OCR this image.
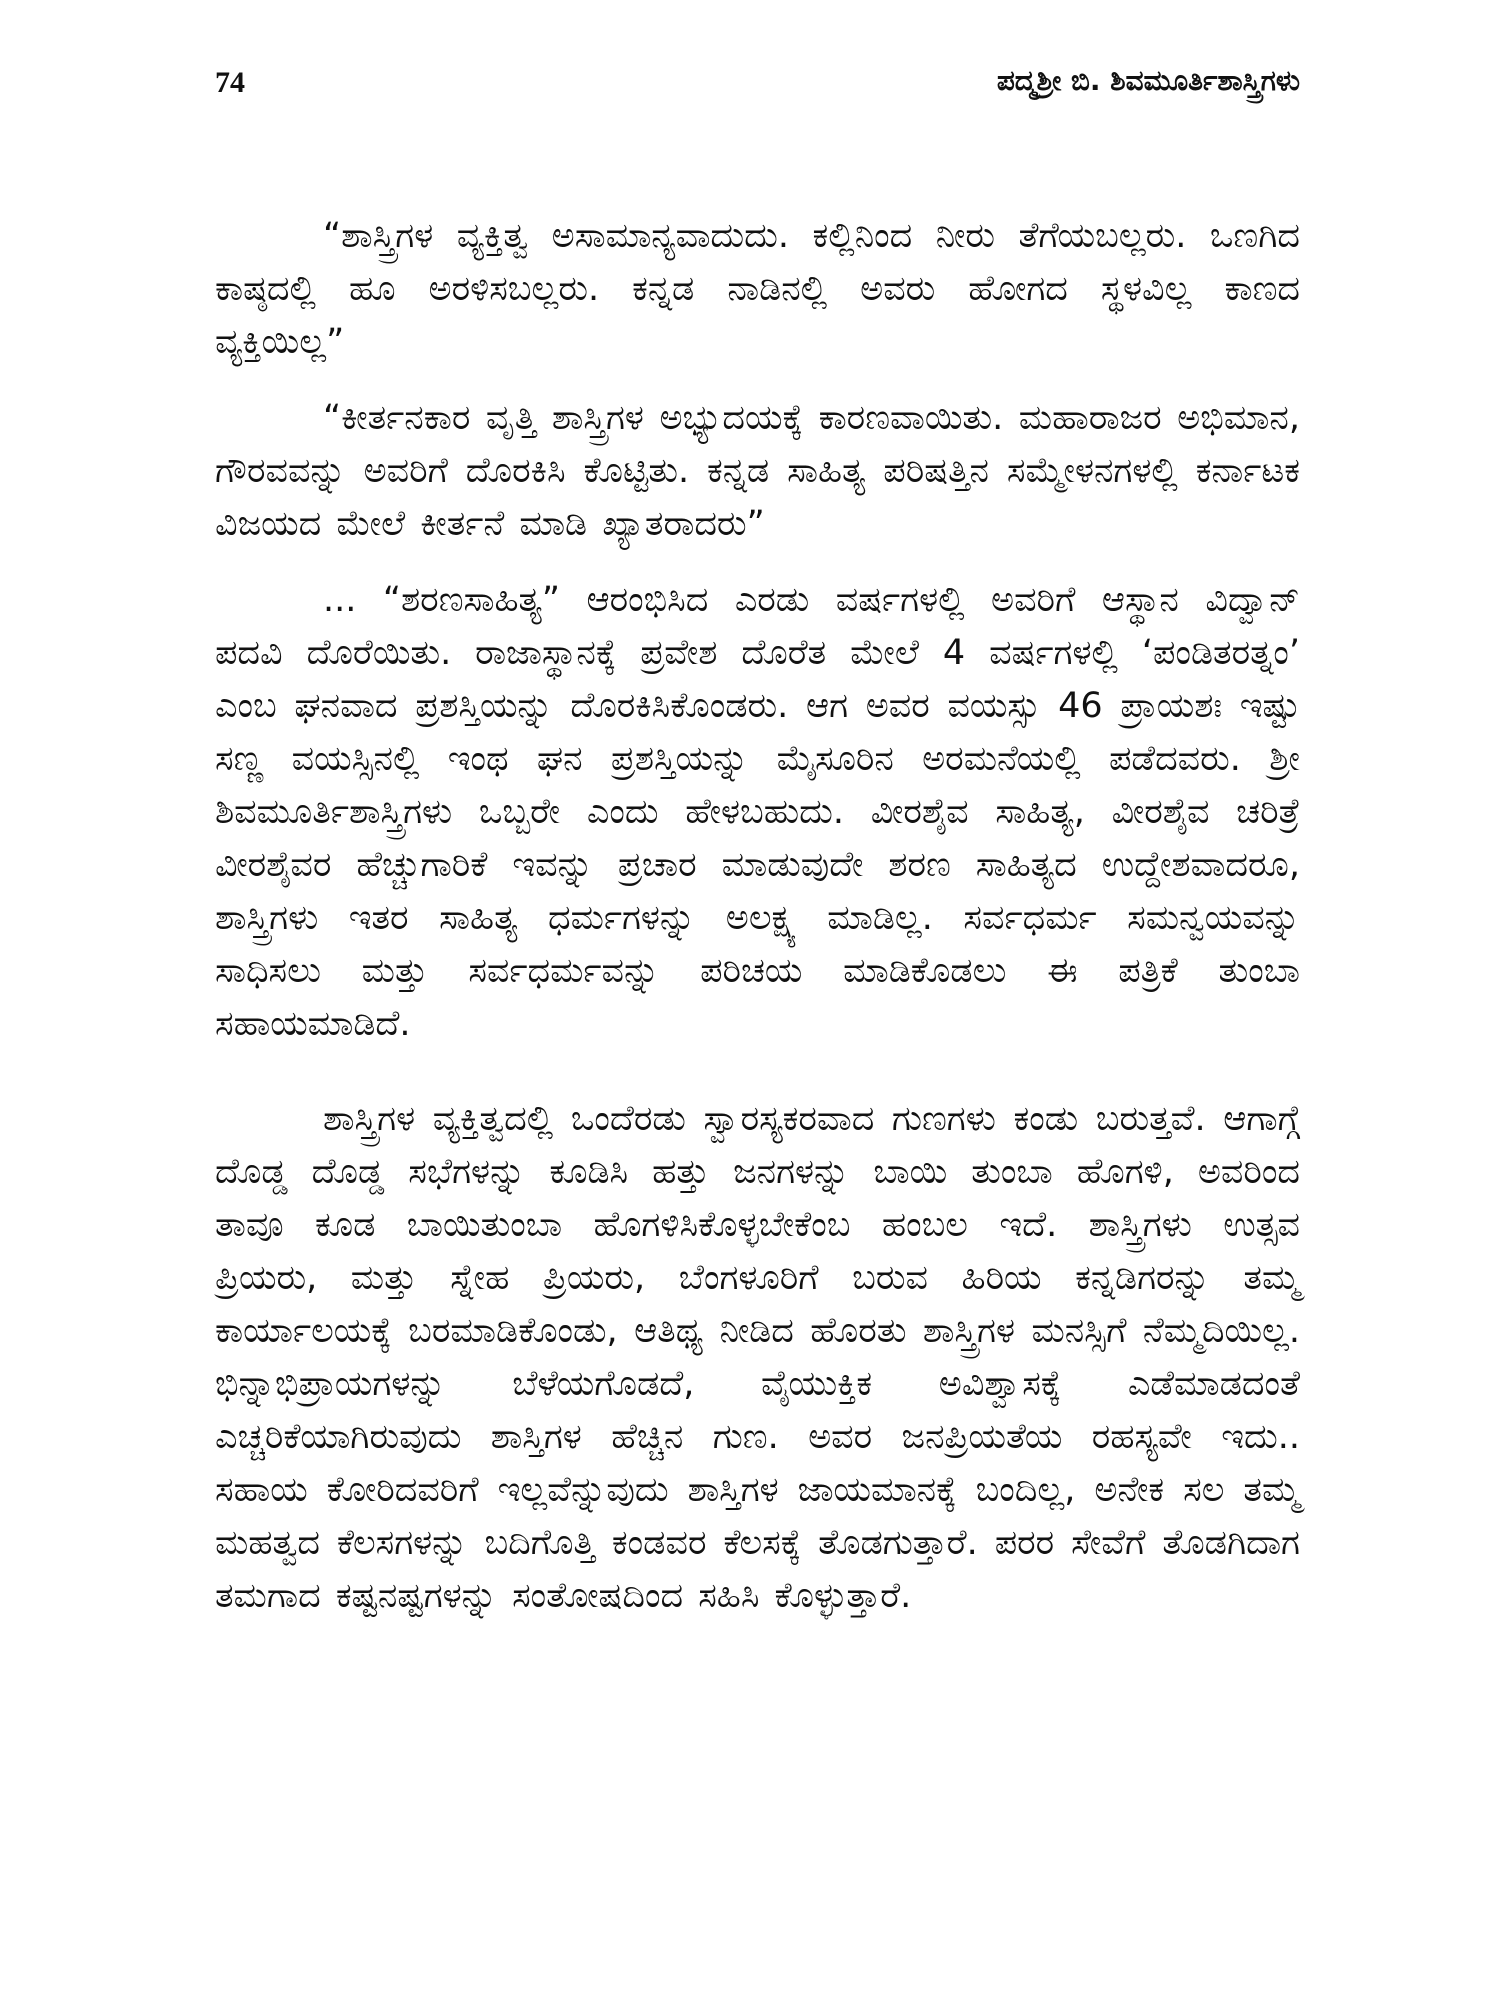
74	ಪದ್ಮಶ್ರೀ ಬಿ. ಶಿವಮೂರ್ತಿಶಾಸ್ತ್ರಿಗಳು

“ಶಾಸ್ತ್ರಿಗಳ ವ್ಯಕ್ತಿತ್ವ ಅಸಾಮಾನ್ಯವಾದುದು. ಕಲ್ಲಿನಿಂದ ನೀರು ತೆಗೆಯಬಲ್ಲರು. ಒಣಗಿದ ಕಾಷ್ಠದಲ್ಲಿ ಹೂ ಅರಳಿಸಬಲ್ಲರು. ಕನ್ನಡ ನಾಡಿನಲ್ಲಿ ಅವರು ಹೋಗದ ಸ್ಥಳವಿಲ್ಲ ಕಾಣದ ವ್ಯಕ್ತಿಯಿಲ್ಲ”

“ಕೀರ್ತನಕಾರ ವೃತ್ತಿ ಶಾಸ್ತ್ರಿಗಳ ಅಭ್ಯುದಯಕ್ಕೆ ಕಾರಣವಾಯಿತು. ಮಹಾರಾಜರ ಅಭಿಮಾನ, ಗೌರವವನ್ನು ಅವರಿಗೆ ದೊರಕಿಸಿ ಕೊಟ್ಟಿತು. ಕನ್ನಡ ಸಾಹಿತ್ಯ ಪರಿಷತ್ತಿನ ಸಮ್ಮೇಳನಗಳಲ್ಲಿ ಕರ್ನಾಟಕ ವಿಜಯದ ಮೇಲೆ ಕೀರ್ತನೆ ಮಾಡಿ ಖ್ಯಾತರಾದರು”

... “ಶರಣಸಾಹಿತ್ಯ” ಆರಂಭಿಸಿದ ಎರಡು ವರ್ಷಗಳಲ್ಲಿ ಅವರಿಗೆ ಆಸ್ಥಾನ ವಿದ್ವಾನ್ ಪದವಿ ದೊರೆಯಿತು. ರಾಜಾಸ್ಥಾನಕ್ಕೆ ಪ್ರವೇಶ ದೊರೆತ ಮೇಲೆ 4 ವರ್ಷಗಳಲ್ಲಿ ‘ಪಂಡಿತರತ್ನಂ’ ಎಂಬ ಘನವಾದ ಪ್ರಶಸ್ತಿಯನ್ನು ದೊರಕಿಸಿಕೊಂಡರು. ಆಗ ಅವರ ವಯಸ್ಸು 46 ಪ್ರಾಯಶಃ ಇಷ್ಟು ಸಣ್ಣ ವಯಸ್ಸಿನಲ್ಲಿ ಇಂಥ ಘನ ಪ್ರಶಸ್ತಿಯನ್ನು ಮೈಸೂರಿನ ಅರಮನೆಯಲ್ಲಿ ಪಡೆದವರು. ಶ್ರೀ ಶಿವಮೂರ್ತಿಶಾಸ್ತ್ರಿಗಳು ಒಬ್ಬರೇ ಎಂದು ಹೇಳಬಹುದು. ವೀರಶೈವ ಸಾಹಿತ್ಯ, ವೀರಶೈವ ಚರಿತ್ರೆ ವೀರಶೈವರ ಹೆಚ್ಚುಗಾರಿಕೆ ಇವನ್ನು ಪ್ರಚಾರ ಮಾಡುವುದೇ ಶರಣ ಸಾಹಿತ್ಯದ ಉದ್ದೇಶವಾದರೂ, ಶಾಸ್ತ್ರಿಗಳು ಇತರ ಸಾಹಿತ್ಯ ಧರ್ಮಗಳನ್ನು ಅಲಕ್ಷ್ಯ ಮಾಡಿಲ್ಲ. ಸರ್ವಧರ್ಮ ಸಮನ್ವಯವನ್ನು ಸಾಧಿಸಲು ಮತ್ತು ಸರ್ವಧರ್ಮವನ್ನು ಪರಿಚಯ ಮಾಡಿಕೊಡಲು ಈ ಪತ್ರಿಕೆ ತುಂಬಾ ಸಹಾಯಮಾಡಿದೆ.

ಶಾಸ್ತ್ರಿಗಳ ವ್ಯಕ್ತಿತ್ವದಲ್ಲಿ ಒಂದೆರಡು ಸ್ವಾರಸ್ಯಕರವಾದ ಗುಣಗಳು ಕಂಡು ಬರುತ್ತವೆ. ಆಗಾಗ್ಗೆ ದೊಡ್ಡ ದೊಡ್ಡ ಸಭೆಗಳನ್ನು ಕೂಡಿಸಿ ಹತ್ತು ಜನಗಳನ್ನು ಬಾಯಿ ತುಂಬಾ ಹೊಗಳಿ, ಅವರಿಂದ ತಾವೂ ಕೂಡ ಬಾಯಿತುಂಬಾ ಹೊಗಳಿಸಿಕೊಳ್ಳಬೇಕೆಂಬ ಹಂಬಲ ಇದೆ. ಶಾಸ್ತ್ರಿಗಳು ಉತ್ಸವ ಪ್ರಿಯರು, ಮತ್ತು ಸ್ನೇಹ ಪ್ರಿಯರು, ಬೆಂಗಳೂರಿಗೆ ಬರುವ ಹಿರಿಯ ಕನ್ನಡಿಗರನ್ನು ತಮ್ಮ ಕಾರ್ಯಾಲಯಕ್ಕೆ ಬರಮಾಡಿಕೊಂಡು, ಆತಿಥ್ಯ ನೀಡಿದ ಹೊರತು ಶಾಸ್ತ್ರಿಗಳ ಮನಸ್ಸಿಗೆ ನೆಮ್ಮದಿಯಿಲ್ಲ. ಭಿನ್ನಾಭಿಪ್ರಾಯಗಳನ್ನು ಬೆಳೆಯಗೊಡದೆ, ವೈಯುಕ್ತಿಕ ಅವಿಶ್ವಾಸಕ್ಕೆ ಎಡೆಮಾಡದಂತೆ ಎಚ್ಚರಿಕೆಯಾಗಿರುವುದು ಶಾಸ್ತಿಗಳ ಹೆಚ್ಚಿನ ಗುಣ. ಅವರ ಜನಪ್ರಿಯತೆಯ ರಹಸ್ಯವೇ ಇದು.. ಸಹಾಯ ಕೋರಿದವರಿಗೆ ಇಲ್ಲವೆನ್ನುವುದು ಶಾಸ್ತಿಗಳ ಜಾಯಮಾನಕ್ಕೆ ಬಂದಿಲ್ಲ, ಅನೇಕ ಸಲ ತಮ್ಮ ಮಹತ್ವದ ಕೆಲಸಗಳನ್ನು ಬದಿಗೊತ್ತಿ ಕಂಡವರ ಕೆಲಸಕ್ಕೆ ತೊಡಗುತ್ತಾರೆ. ಪರರ ಸೇವೆಗೆ ತೊಡಗಿದಾಗ ತಮಗಾದ ಕಷ್ಟನಷ್ಟಗಳನ್ನು ಸಂತೋಷದಿಂದ ಸಹಿಸಿ ಕೊಳ್ಳುತ್ತಾರೆ.
